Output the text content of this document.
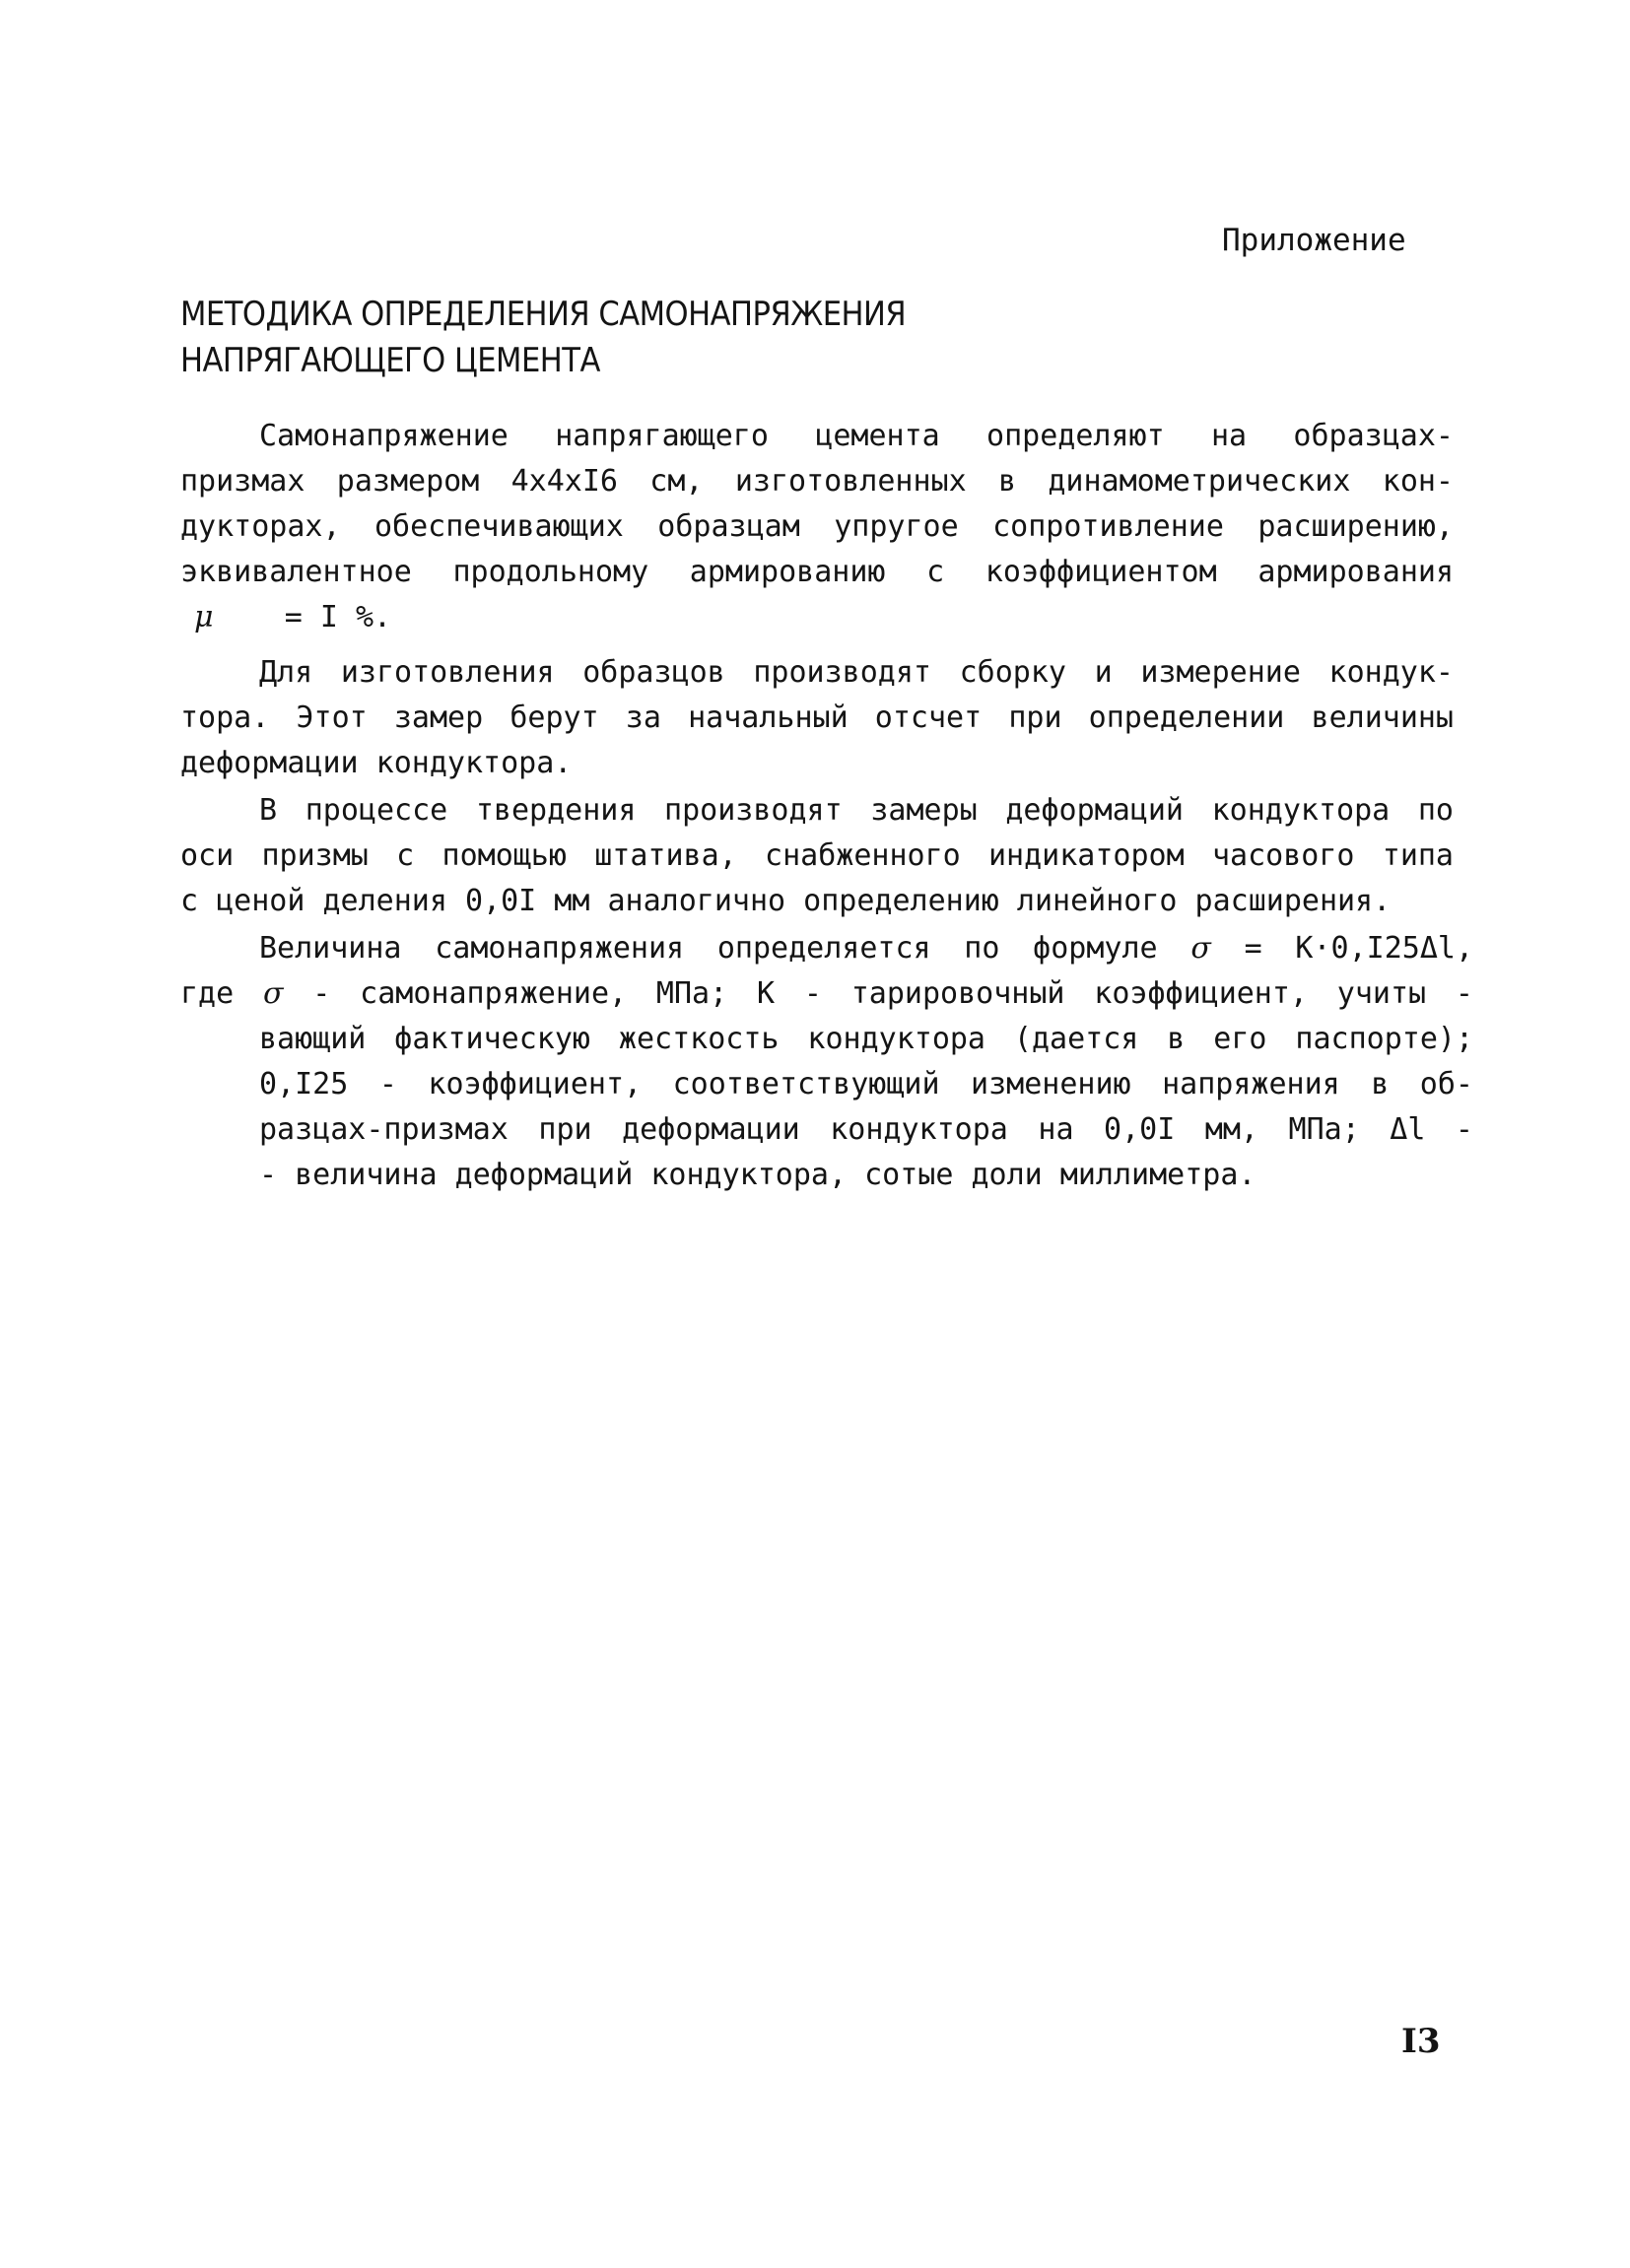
Приложение
МЕТОДИКА ОПРЕДЕЛЕНИЯ САМОНАПРЯЖЕНИЯ
НАПРЯГАЮЩЕГО ЦЕМЕНТА
Самонапряжение напрягающего цемента определяют на образцах-
призмах размером 4x4xI6 см, изготовленных в динамометрических кон-
дукторах, обеспечивающих образцам упругое сопротивление расширению,
эквивалентное продольному армированию с коэффициентом армирования
μ = I %.
Для изготовления образцов производят сборку и измерение кондук-
тора. Этот замер берут за начальный отсчет при определении величины
деформации кондуктора.
В процессе твердения производят замеры деформаций кондуктора по
оси призмы с помощью штатива, снабженного индикатором часового типа
с ценой деления 0,0I мм аналогично определению линейного расширения.
Величина самонапряжения определяется по формуле σ = К·0,I25Δl,
где σ - самонапряжение, МПа; К - тарировочный коэффициент, учиты -
вающий фактическую жесткость кондуктора (дается в его паспорте);
0,I25 - коэффициент, соответствующий изменению напряжения в об-
разцах-призмах при деформации кондуктора на 0,0I мм, МПа; Δl -
- величина деформаций кондуктора, сотые доли миллиметра.
I3
